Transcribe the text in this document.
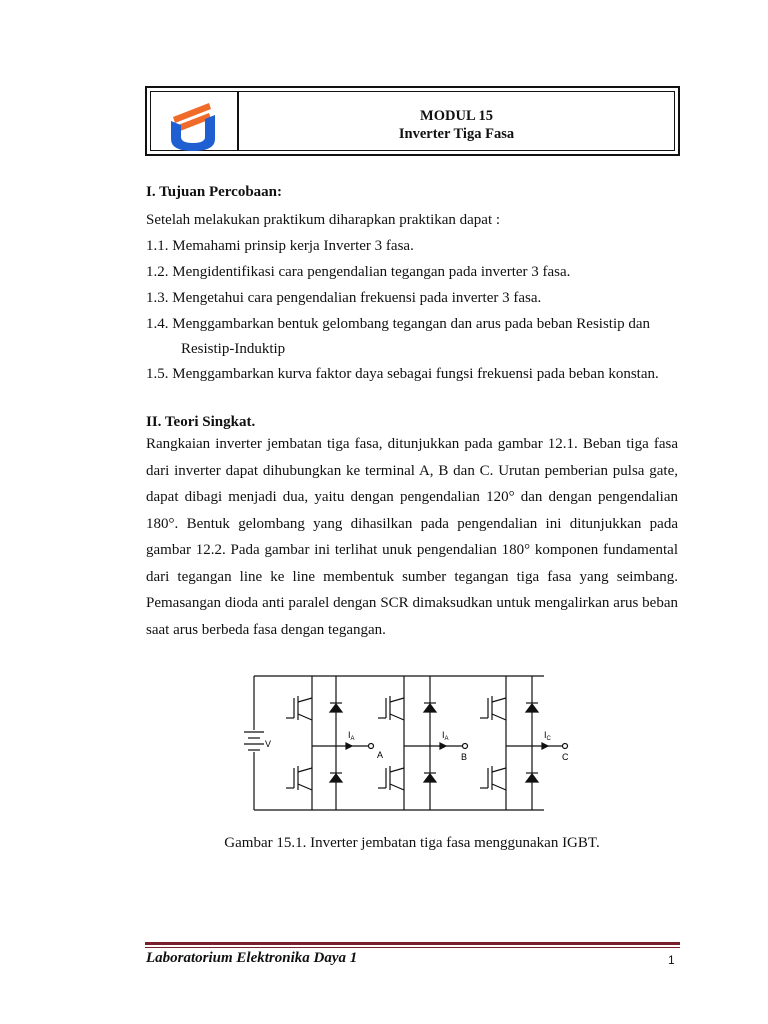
MODUL 15
Inverter Tiga Fasa
I. Tujuan Percobaan:
Setelah melakukan praktikum diharapkan praktikan dapat :
1.1. Memahami prinsip kerja Inverter 3 fasa.
1.2. Mengidentifikasi cara pengendalian tegangan pada inverter 3 fasa.
1.3. Mengetahui cara pengendalian frekuensi pada inverter 3 fasa.
1.4. Menggambarkan bentuk gelombang tegangan dan arus pada beban Resistip dan
Resistip-Induktip
1.5. Menggambarkan kurva faktor daya sebagai fungsi frekuensi pada beban konstan.
II. Teori Singkat.
Rangkaian inverter jembatan tiga fasa, ditunjukkan pada gambar 12.1. Beban tiga fasa dari inverter dapat dihubungkan ke terminal A, B dan C. Urutan pemberian pulsa gate, dapat dibagi menjadi dua, yaitu dengan pengendalian 120° dan dengan pengendalian 180°. Bentuk gelombang yang dihasilkan pada pengendalian ini ditunjukkan pada gambar 12.2. Pada gambar ini terlihat unuk pengendalian 180° komponen fundamental dari tegangan line ke line membentuk sumber tegangan tiga fasa yang seimbang. Pemasangan dioda anti paralel dengan SCR dimaksudkan untuk mengalirkan arus beban saat arus berbeda fasa dengan tegangan.
V
$I_A$	$I_A$	$I_C$
A	B	C
Gambar 15.1. Inverter jembatan tiga fasa menggunakan IGBT.
Laboratorium Elektronika Daya 1	1
